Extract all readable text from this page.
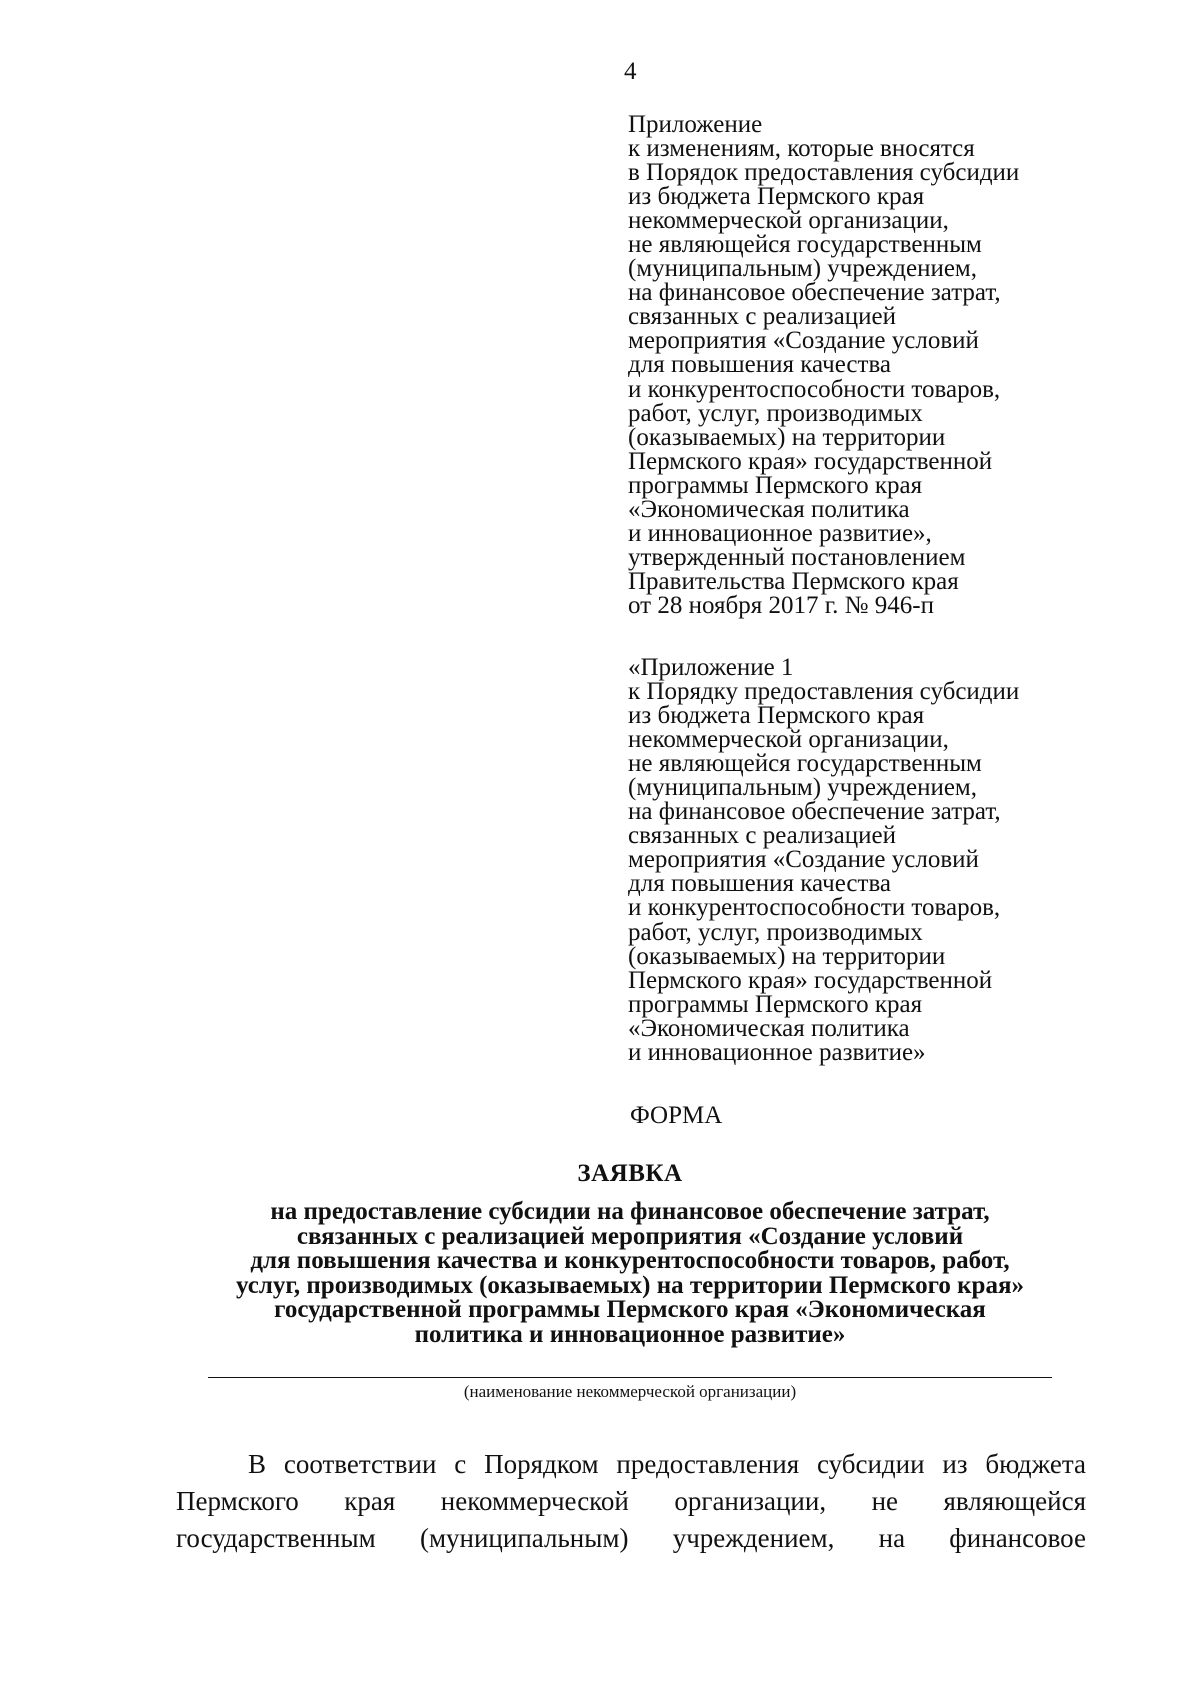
4
Приложение
к изменениям, которые вносятся
в Порядок предоставления субсидии
из бюджета Пермского края
некоммерческой организации,
не являющейся государственным
(муниципальным) учреждением,
на финансовое обеспечение затрат,
связанных с реализацией
мероприятия «Создание условий
для повышения качества
и конкурентоспособности товаров,
работ, услуг, производимых
(оказываемых) на территории
Пермского края» государственной
программы Пермского края
«Экономическая политика
и инновационное развитие»,
утвержденный постановлением
Правительства Пермского края
от 28 ноября 2017 г. № 946-п
«Приложение 1
к Порядку предоставления субсидии
из бюджета Пермского края
некоммерческой организации,
не являющейся государственным
(муниципальным) учреждением,
на финансовое обеспечение затрат,
связанных с реализацией
мероприятия «Создание условий
для повышения качества
и конкурентоспособности товаров,
работ, услуг, производимых
(оказываемых) на территории
Пермского края» государственной
программы Пермского края
«Экономическая политика
и инновационное развитие»
ФОРМА
ЗАЯВКА
на предоставление субсидии на финансовое обеспечение затрат,
связанных с реализацией мероприятия «Создание условий
для повышения качества и конкурентоспособности товаров, работ,
услуг, производимых (оказываемых) на территории Пермского края»
государственной программы Пермского края «Экономическая
политика и инновационное развитие»
(наименование некоммерческой организации)
В соответствии с Порядком предоставления субсидии из бюджета
Пермского края некоммерческой организации, не являющейся
государственным (муниципальным) учреждением, на финансовое
